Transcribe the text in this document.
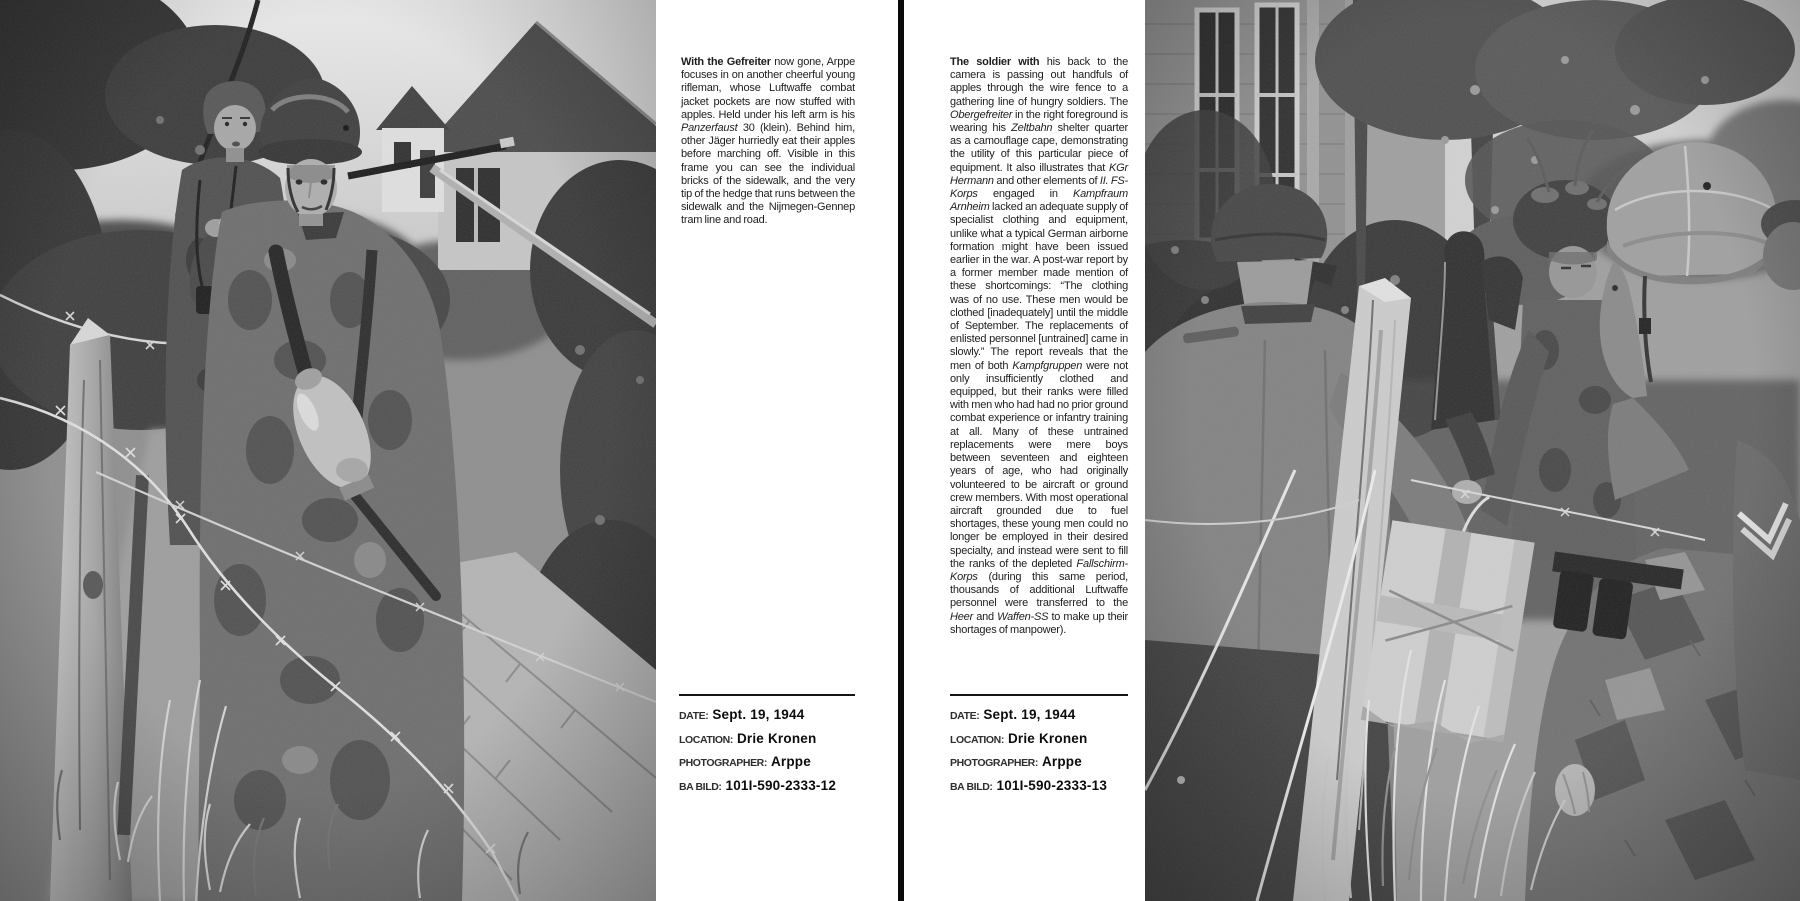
With the Gefreiter now gone, Arppe focuses in on another cheerful young rifleman, whose Luftwaffe combat jacket pockets are now stuffed with apples. Held under his left arm is his Panzerfaust 30 (klein). Behind him, other Jäger hurriedly eat their apples before marching off. Visible in this frame you can see the individual bricks of the sidewalk, and the very tip of the hedge that runs between the sidewalk and the Nijmegen-Gennep tram line and road.

DATE: Sept. 19, 1944
LOCATION: Drie Kronen
PHOTOGRAPHER: Arppe
BA BILD: 101I-590-2333-12

The soldier with his back to the camera is passing out handfuls of apples through the wire fence to a gathering line of hungry soldiers. The Obergefreiter in the right foreground is wearing his Zeltbahn shelter quarter as a camouflage cape, demonstrating the utility of this particular piece of equipment. It also illustrates that KGr Hermann and other elements of II. FS-Korps engaged in Kampfraum Arnheim lacked an adequate supply of specialist clothing and equipment, unlike what a typical German airborne formation might have been issued earlier in the war. A post-war report by a former member made mention of these shortcomings: “The clothing was of no use. These men would be clothed [inadequately] until the middle of September. The replacements of enlisted personnel [untrained] came in slowly.” The report reveals that the men of both Kampfgruppen were not only insufficiently clothed and equipped, but their ranks were filled with men who had had no prior ground combat experience or infantry training at all. Many of these untrained replacements were mere boys between seventeen and eighteen years of age, who had originally volunteered to be aircraft or ground crew members. With most operational aircraft grounded due to fuel shortages, these young men could no longer be employed in their desired specialty, and instead were sent to fill the ranks of the depleted Fallschirm-Korps (during this same period, thousands of additional Luftwaffe personnel were transferred to the Heer and Waffen-SS to make up their shortages of manpower).

DATE: Sept. 19, 1944
LOCATION: Drie Kronen
PHOTOGRAPHER: Arppe
BA BILD: 101I-590-2333-13
